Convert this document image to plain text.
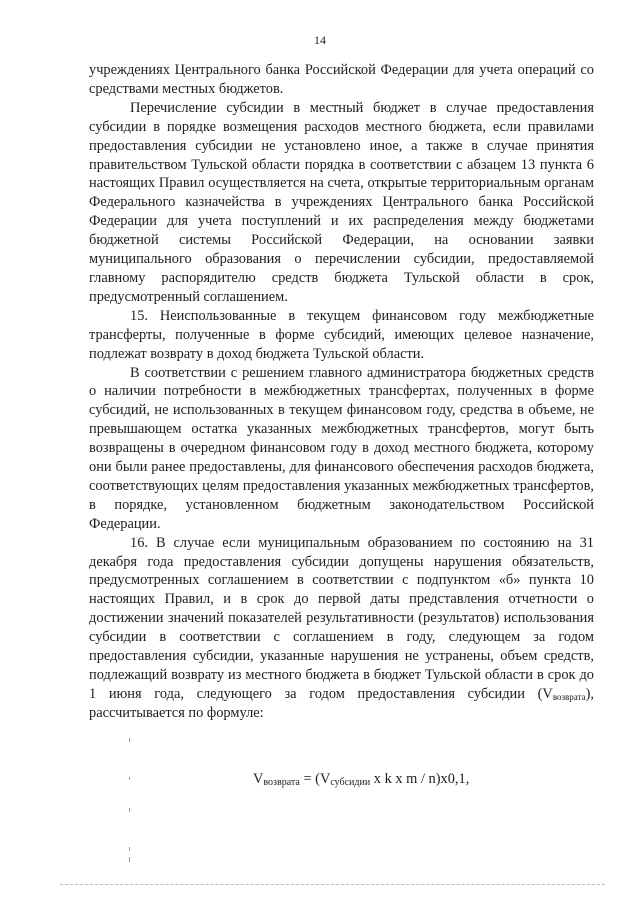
14

учреждениях Центрального банка Российской Федерации для учета операций со средствами местных бюджетов.

Перечисление субсидии в местный бюджет в случае предоставления субсидии в порядке возмещения расходов местного бюджета, если правилами предоставления субсидии не установлено иное, а также в случае принятия правительством Тульской области порядка в соответствии с абзацем 13 пункта 6 настоящих Правил осуществляется на счета, открытые территориальным органам Федерального казначейства в учреждениях Центрального банка Российской Федерации для учета поступлений и их распределения между бюджетами бюджетной системы Российской Федерации, на основании заявки муниципального образования о перечислении субсидии, предоставляемой главному распорядителю средств бюджета Тульской области в срок, предусмотренный соглашением.

15. Неиспользованные в текущем финансовом году межбюджетные трансферты, полученные в форме субсидий, имеющих целевое назначение, подлежат возврату в доход бюджета Тульской области.

В соответствии с решением главного администратора бюджетных средств о наличии потребности в межбюджетных трансфертах, полученных в форме субсидий, не использованных в текущем финансовом году, средства в объеме, не превышающем остатка указанных межбюджетных трансфертов, могут быть возвращены в очередном финансовом году в доход местного бюджета, которому они были ранее предоставлены, для финансового обеспечения расходов бюджета, соответствующих целям предоставления указанных межбюджетных трансфертов, в порядке, установленном бюджетным законодательством Российской Федерации.

16. В случае если муниципальным образованием по состоянию на 31 декабря года предоставления субсидии допущены нарушения обязательств, предусмотренных соглашением в соответствии с подпунктом «б» пункта 10 настоящих Правил, и в срок до первой даты представления отчетности о достижении значений показателей результативности (результатов) использования субсидии в соответствии с соглашением в году, следующем за годом предоставления субсидии, указанные нарушения не устранены, объем средств, подлежащий возврату из местного бюджета в бюджет Тульской области в срок до 1 июня года, следующего за годом предоставления субсидии $(V_{возврата})$, рассчитывается по формуле:

$V_{возврата} = (V_{субсидии}$ x k x m / n)x0,1,
